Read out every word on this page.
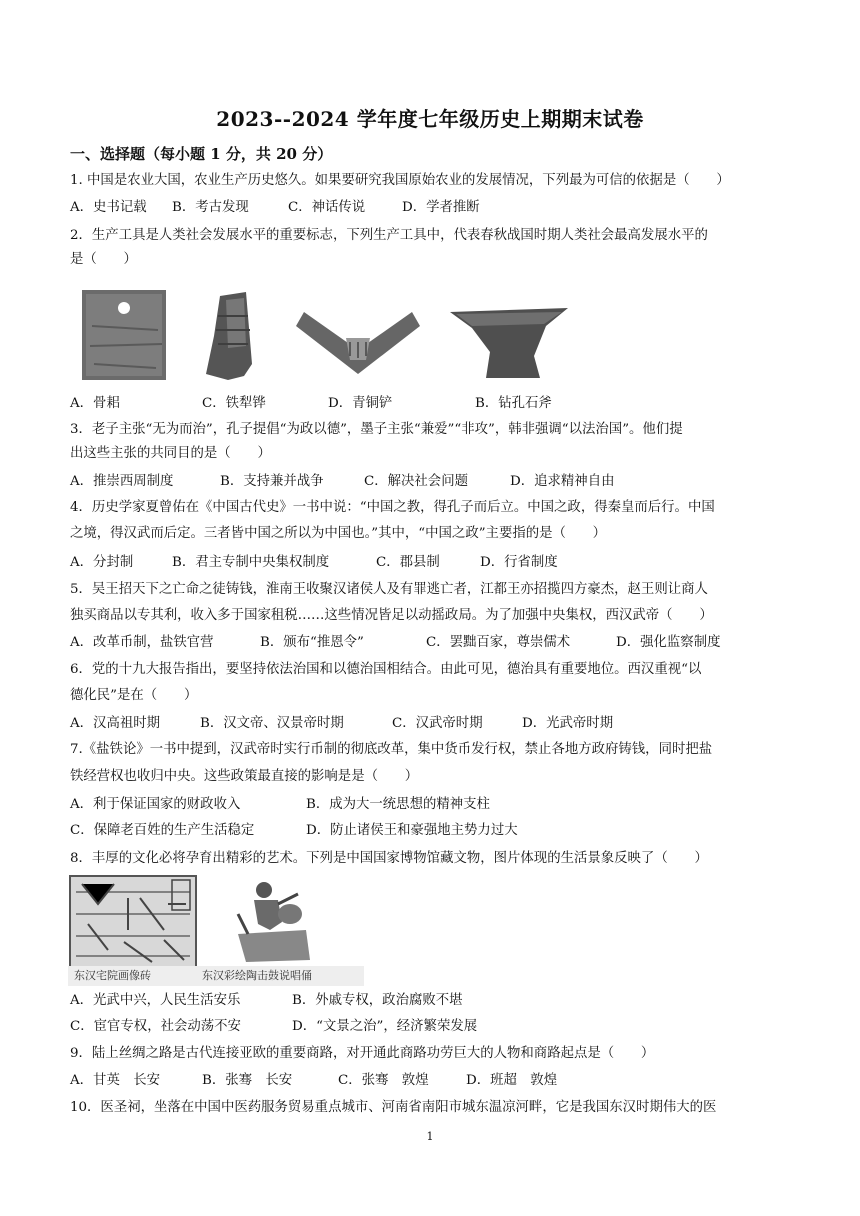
2023--2024 学年度七年级历史上期期末试卷
一、选择题（每小题 1 分，共 20 分）
1. 中国是农业大国，农业生产历史悠久。如果要研究我国原始农业的发展情况，下列最为可信的依据是（　　）
A．史书记载 B．考古发现	C．神话传说	D．学者推断
2．生产工具是人类社会发展水平的重要标志，下列生产工具中，代表春秋战国时期人类社会最高发展水平的
是（　　）
A．骨耜	C．铁犁铧	D．青铜铲	B．钻孔石斧
3．老子主张“无为而治”，孔子提倡“为政以德”，墨子主张“兼爱”“非攻”，韩非强调“以法治国”。他们提
出这些主张的共同目的是（　　）
A．推崇西周制度	B．支持兼并战争	C．解决社会问题	D．追求精神自由
4．历史学家夏曾佑在《中国古代史》一书中说：“中国之教，得孔子而后立。中国之政，得秦皇而后行。中国
之境，得汉武而后定。三者皆中国之所以为中国也。”其中，“中国之政”主要指的是（　　）
A．分封制	B．君主专制中央集权制度	C．郡县制	D．行省制度
5．吴王招天下之亡命之徒铸钱，淮南王收聚汉诸侯人及有罪逃亡者，江都王亦招揽四方豪杰，赵王则让商人
独买商品以专其利，收入多于国家租税……这些情况皆足以动摇政局。为了加强中央集权，西汉武帝（　　）
A．改革币制，盐铁官营	B．颁布“推恩令”	C．罢黜百家，尊崇儒术	D．强化监察制度
6．党的十九大报告指出，要坚持依法治国和以德治国相结合。由此可见，德治具有重要地位。西汉重视“以
德化民”是在（　　）
A．汉高祖时期	B．汉文帝、汉景帝时期	C．汉武帝时期	D．光武帝时期
7.《盐铁论》一书中提到，汉武帝时实行币制的彻底改革，集中货币发行权，禁止各地方政府铸钱，同时把盐
铁经营权也收归中央。这些政策最直接的影响是是（　　）
A．利于保证国家的财政收入	B．成为大一统思想的精神支柱
C．保障老百姓的生产生活稳定	D．防止诸侯王和豪强地主势力过大
8．丰厚的文化必将孕育出精彩的艺术。下列是中国国家博物馆藏文物，图片体现的生活景象反映了（　　）
东汉宅院画像砖	东汉彩绘陶击鼓说唱俑
A．光武中兴，人民生活安乐	B．外戚专权，政治腐败不堪
C．宦官专权，社会动荡不安	D．“文景之治”，经济繁荣发展
9．陆上丝绸之路是古代连接亚欧的重要商路，对开通此商路功劳巨大的人物和商路起点是（　　）
A．甘英　长安	B．张骞　长安	C．张骞　敦煌	D．班超　敦煌
10．医圣祠，坐落在中国中医药服务贸易重点城市、河南省南阳市城东温凉河畔，它是我国东汉时期伟大的医
1
